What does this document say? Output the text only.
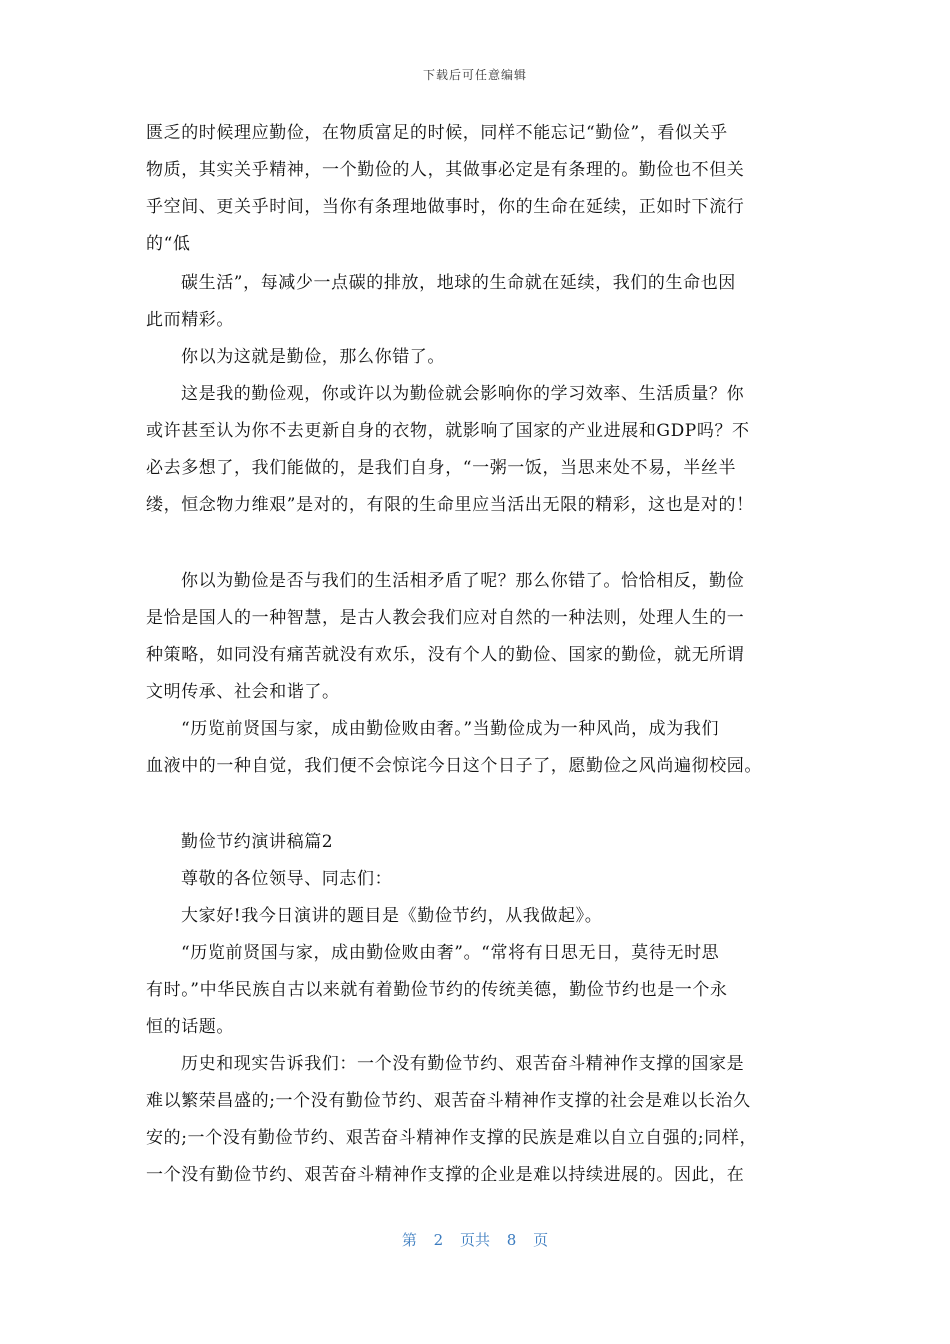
下载后可任意编辑
匮乏的时候理应勤俭，在物质富足的时候，同样不能忘记“勤俭”，看似关乎
物质，其实关乎精神，一个勤俭的人，其做事必定是有条理的。勤俭也不但关
乎空间、更关乎时间，当你有条理地做事时，你的生命在延续，正如时下流行
的“低
碳生活”，每减少一点碳的排放，地球的生命就在延续，我们的生命也因
此而精彩。
你以为这就是勤俭，那么你错了。
这是我的勤俭观，你或许以为勤俭就会影响你的学习效率、生活质量？你
或许甚至认为你不去更新自身的衣物，就影响了国家的产业进展和GDP吗？不
必去多想了，我们能做的，是我们自身，“一粥一饭，当思来处不易，半丝半
缕，恒念物力维艰”是对的，有限的生命里应当活出无限的精彩，这也是对的！
你以为勤俭是否与我们的生活相矛盾了呢？那么你错了。恰恰相反，勤俭
是恰是国人的一种智慧，是古人教会我们应对自然的一种法则，处理人生的一
种策略，如同没有痛苦就没有欢乐，没有个人的勤俭、国家的勤俭，就无所谓
文明传承、社会和谐了。
“历览前贤国与家，成由勤俭败由奢。”当勤俭成为一种风尚，成为我们
血液中的一种自觉，我们便不会惊诧今日这个日子了，愿勤俭之风尚遍彻校园。
勤俭节约演讲稿篇2
尊敬的各位领导、同志们：
大家好!我今日演讲的题目是《勤俭节约，从我做起》。
“历览前贤国与家，成由勤俭败由奢”。“常将有日思无日，莫待无时思
有时。”中华民族自古以来就有着勤俭节约的传统美德，勤俭节约也是一个永
恒的话题。
历史和现实告诉我们：一个没有勤俭节约、艰苦奋斗精神作支撑的国家是
难以繁荣昌盛的;一个没有勤俭节约、艰苦奋斗精神作支撑的社会是难以长治久
安的;一个没有勤俭节约、艰苦奋斗精神作支撑的民族是难以自立自强的;同样，
一个没有勤俭节约、艰苦奋斗精神作支撑的企业是难以持续进展的。因此，在
第 2 页共 8 页
